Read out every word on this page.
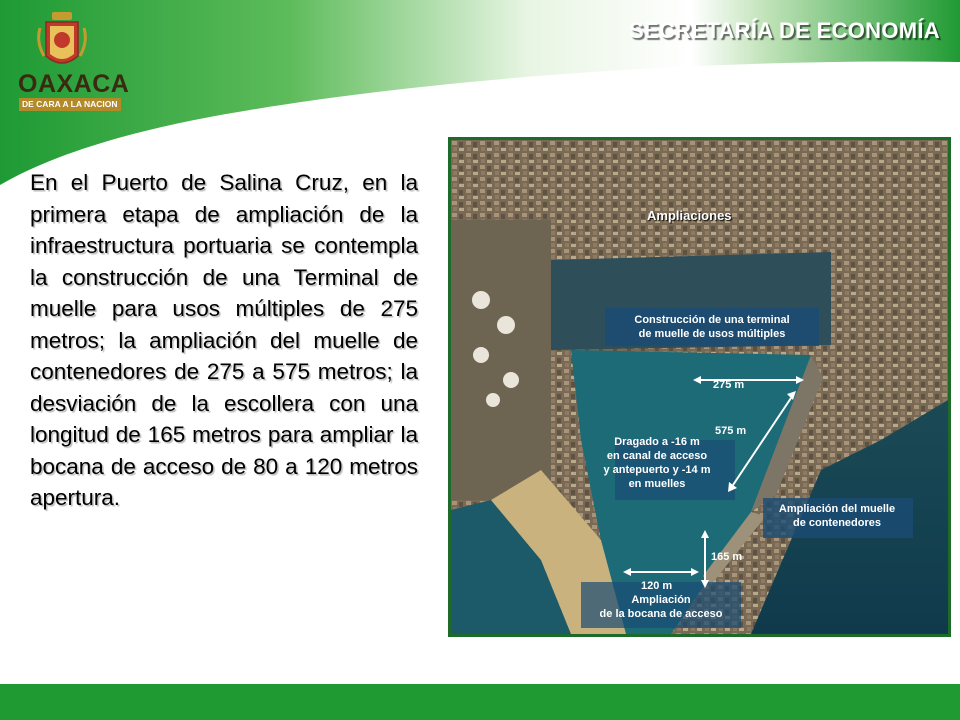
OAXACA
DE CARA A LA NACION
SECRETARÍA DE ECONOMÍA
En el Puerto de Salina Cruz, en la primera etapa de ampliación de la infraestructura portuaria se contempla la construcción de una Terminal de muelle para usos múltiples de 275 metros; la ampliación del muelle de contenedores de 275 a 575 metros; la desviación de la escollera con una longitud de 165 metros para ampliar la bocana de acceso de 80 a 120 metros apertura.
Ampliaciones
Construcción de una terminal
de muelle de usos múltiples
275 m
575 m
Dragado a -16 m
en canal de acceso
y antepuerto y -14 m
en muelles
Ampliación del muelle
de contenedores
165 m
120 m
Ampliación
de la bocana de acceso
